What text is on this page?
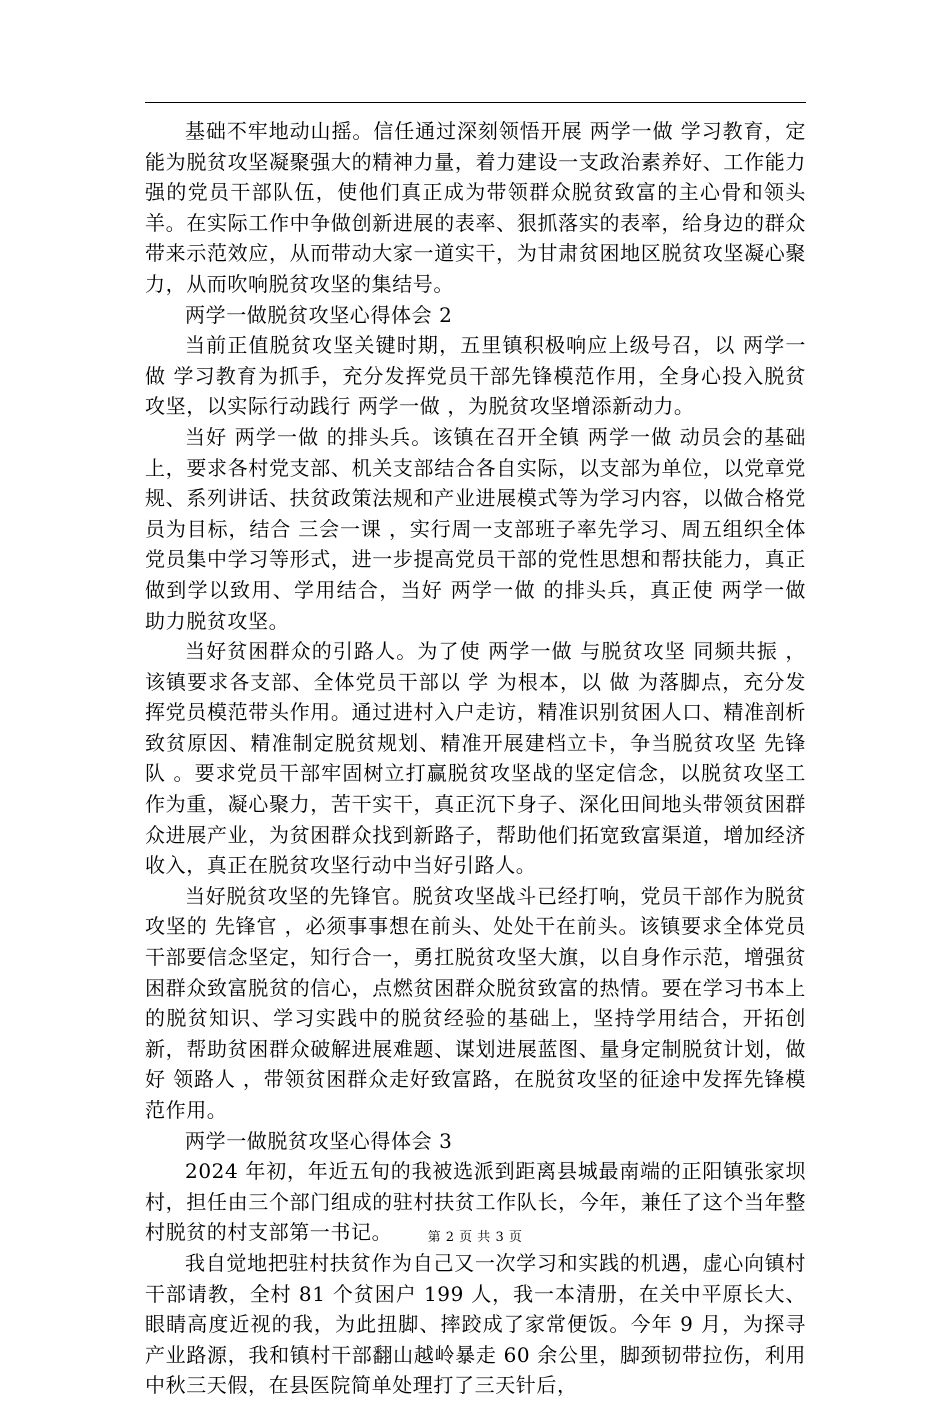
基础不牢地动山摇。信任通过深刻领悟开展 两学一做 学习教育，定能为脱贫攻坚凝聚强大的精神力量，着力建设一支政治素养好、工作能力强的党员干部队伍，使他们真正成为带领群众脱贫致富的主心骨和领头羊。在实际工作中争做创新进展的表率、狠抓落实的表率，给身边的群众带来示范效应，从而带动大家一道实干，为甘肃贫困地区脱贫攻坚凝心聚力，从而吹响脱贫攻坚的集结号。

两学一做脱贫攻坚心得体会 2

当前正值脱贫攻坚关键时期，五里镇积极响应上级号召，以 两学一做 学习教育为抓手，充分发挥党员干部先锋模范作用，全身心投入脱贫攻坚，以实际行动践行 两学一做 ，为脱贫攻坚增添新动力。

当好 两学一做 的排头兵。该镇在召开全镇 两学一做 动员会的基础上，要求各村党支部、机关支部结合各自实际，以支部为单位，以党章党规、系列讲话、扶贫政策法规和产业进展模式等为学习内容，以做合格党员为目标，结合 三会一课 ，实行周一支部班子率先学习、周五组织全体党员集中学习等形式，进一步提高党员干部的党性思想和帮扶能力，真正做到学以致用、学用结合，当好 两学一做 的排头兵，真正使 两学一做 助力脱贫攻坚。

当好贫困群众的引路人。为了使 两学一做 与脱贫攻坚 同频共振 ，该镇要求各支部、全体党员干部以 学 为根本，以 做 为落脚点，充分发挥党员模范带头作用。通过进村入户走访，精准识别贫困人口、精准剖析致贫原因、精准制定脱贫规划、精准开展建档立卡，争当脱贫攻坚 先锋队 。要求党员干部牢固树立打赢脱贫攻坚战的坚定信念，以脱贫攻坚工作为重，凝心聚力，苦干实干，真正沉下身子、深化田间地头带领贫困群众进展产业，为贫困群众找到新路子，帮助他们拓宽致富渠道，增加经济收入，真正在脱贫攻坚行动中当好引路人。

当好脱贫攻坚的先锋官。脱贫攻坚战斗已经打响，党员干部作为脱贫攻坚的 先锋官 ，必须事事想在前头、处处干在前头。该镇要求全体党员干部要信念坚定，知行合一，勇扛脱贫攻坚大旗，以自身作示范，增强贫困群众致富脱贫的信心，点燃贫困群众脱贫致富的热情。要在学习书本上的脱贫知识、学习实践中的脱贫经验的基础上，坚持学用结合，开拓创新，帮助贫困群众破解进展难题、谋划进展蓝图、量身定制脱贫计划，做好 领路人 ，带领贫困群众走好致富路，在脱贫攻坚的征途中发挥先锋模范作用。

两学一做脱贫攻坚心得体会 3

2024 年初，年近五旬的我被选派到距离县城最南端的正阳镇张家坝村，担任由三个部门组成的驻村扶贫工作队长，今年，兼任了这个当年整村脱贫的村支部第一书记。

我自觉地把驻村扶贫作为自己又一次学习和实践的机遇，虚心向镇村干部请教，全村 81 个贫困户 199 人，我一本清册，在关中平原长大、眼睛高度近视的我，为此扭脚、摔跤成了家常便饭。今年 9 月，为探寻产业路源，我和镇村干部翻山越岭暴走 60 余公里，脚颈韧带拉伤，利用中秋三天假，在县医院简单处理打了三天针后，

第 2 页 共 3 页
